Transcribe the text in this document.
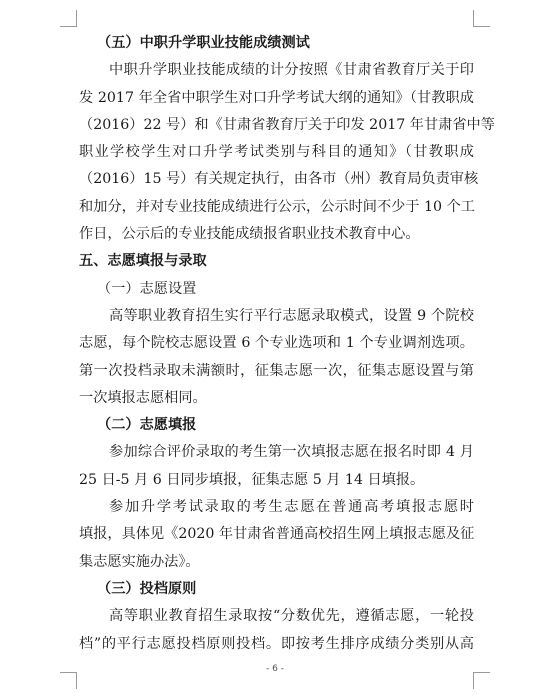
（五）中职升学职业技能成绩测试
中职升学职业技能成绩的计分按照《甘肃省教育厅关于印
发 2017 年全省中职学生对口升学考试大纲的通知》（甘教职成
（2016）22 号）和《甘肃省教育厅关于印发 2017 年甘肃省中等
职业学校学生对口升学考试类别与科目的通知》（甘教职成
（2016）15 号）有关规定执行，由各市（州）教育局负责审核
和加分，并对专业技能成绩进行公示，公示时间不少于 10 个工
作日，公示后的专业技能成绩报省职业技术教育中心。
五、志愿填报与录取
（一）志愿设置
高等职业教育招生实行平行志愿录取模式，设置 9 个院校
志愿，每个院校志愿设置 6 个专业选项和 1 个专业调剂选项。
第一次投档录取未满额时，征集志愿一次，征集志愿设置与第
一次填报志愿相同。
（二）志愿填报
参加综合评价录取的考生第一次填报志愿在报名时即 4 月
25 日-5 月 6 日同步填报，征集志愿 5 月 14 日填报。
参加升学考试录取的考生志愿在普通高考填报志愿时
填报，具体见《2020 年甘肃省普通高校招生网上填报志愿及征
集志愿实施办法》。
（三）投档原则
高等职业教育招生录取按“分数优先，遵循志愿，一轮投
档”的平行志愿投档原则投档。即按考生排序成绩分类别从高
- 6 -
